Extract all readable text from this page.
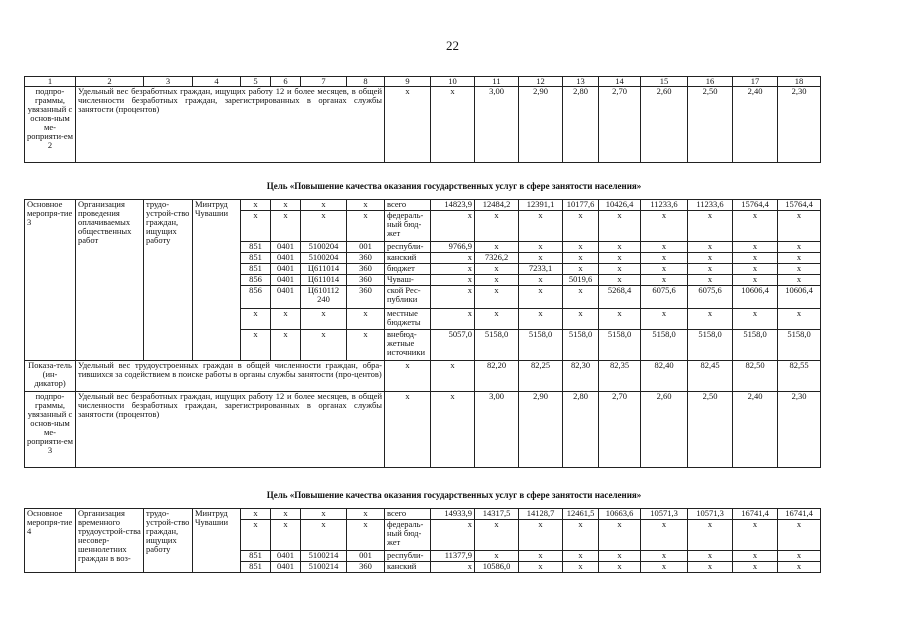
22
1	2	3	4	5	6	7	8	9	10	11	12	13	14	15	16	17	18
подпро-граммы, увязанный с основ-ным ме-роприяти-ем 2	Удельный вес безработных граждан, ищущих работу 12 и более месяцев, в общей численности безработных граждан, зарегистрированных в органах службы занятости (процентов)							x	x	3,00	2,90	2,80	2,70	2,60	2,50	2,40	2,30
Цель «Повышение качества оказания государственных услуг в сфере занятости населения»
Основное меропря-тие 3	Организация проведения оплачиваемых общественных работ	трудо-устрой-ство граждан, ищущих работу	Минтруд Чувашии	x	x	x	x	всего	14823,9	12484,2	12391,1	10177,6	10426,4	11233,6	11233,6	15764,4	15764,4
				x	x	x	x	федераль-ный бюд-жет	x	x	x	x	x	x	x	x	x
				851	0401	5100204	001	республи-	9766,9	x	x	x	x	x	x	x	x
				851	0401	5100204	360	канский	x	7326,2	x	x	x	x	x	x	x
				851	0401	Ц611014	360	бюджет	x	x	7233,1	x	x	x	x	x	x
				856	0401	Ц611014	360	Чуваш-	x	x	x	5019,6	x	x	x	x	x
				856	0401	Ц610112 240	360	ской Рес-публики	x	x	x	x	5268,4	6075,6	6075,6	10606,4	10606,4
				x	x	x	x	местные бюджеты	x	x	x	x	x	x	x	x	x
				x	x	x	x	внебюд-жетные источники	5057,0	5158,0	5158,0	5158,0	5158,0	5158,0	5158,0	5158,0	5158,0
Показа-тель (ин-дикатор)	Удельный вес трудоустроенных граждан в общей численности граждан, обра-тившихся за содействием в поиске работы в органы службы занятости (про-центов)							x	x	82,20	82,25	82,30	82,35	82,40	82,45	82,50	82,55
подпро-граммы, увязанный с основ-ным ме-роприяти-ем 3	Удельный вес безработных граждан, ищущих работу 12 и более месяцев, в общей численности безработных граждан, зарегистрированных в органах службы занятости (процентов)							x	x	3,00	2,90	2,80	2,70	2,60	2,50	2,40	2,30
Цель «Повышение качества оказания государственных услуг в сфере занятости населения»
Основное меропря-тие 4	Организация временного трудоустрой-ства несовер-шеннолетних граждан в воз-	трудо-устрой-ство граждан, ищущих работу	Минтруд Чувашии	x	x	x	x	всего	14933,9	14317,5	14128,7	12461,5	10663,6	10571,3	10571,3	16741,4	16741,4
				x	x	x	x	федераль-ный бюд-жет	x	x	x	x	x	x	x	x	x
				851	0401	5100214	001	республи-	11377,9	x	x	x	x	x	x	x	x
				851	0401	5100214	360	канский	x	10586,0	x	x	x	x	x	x	x
